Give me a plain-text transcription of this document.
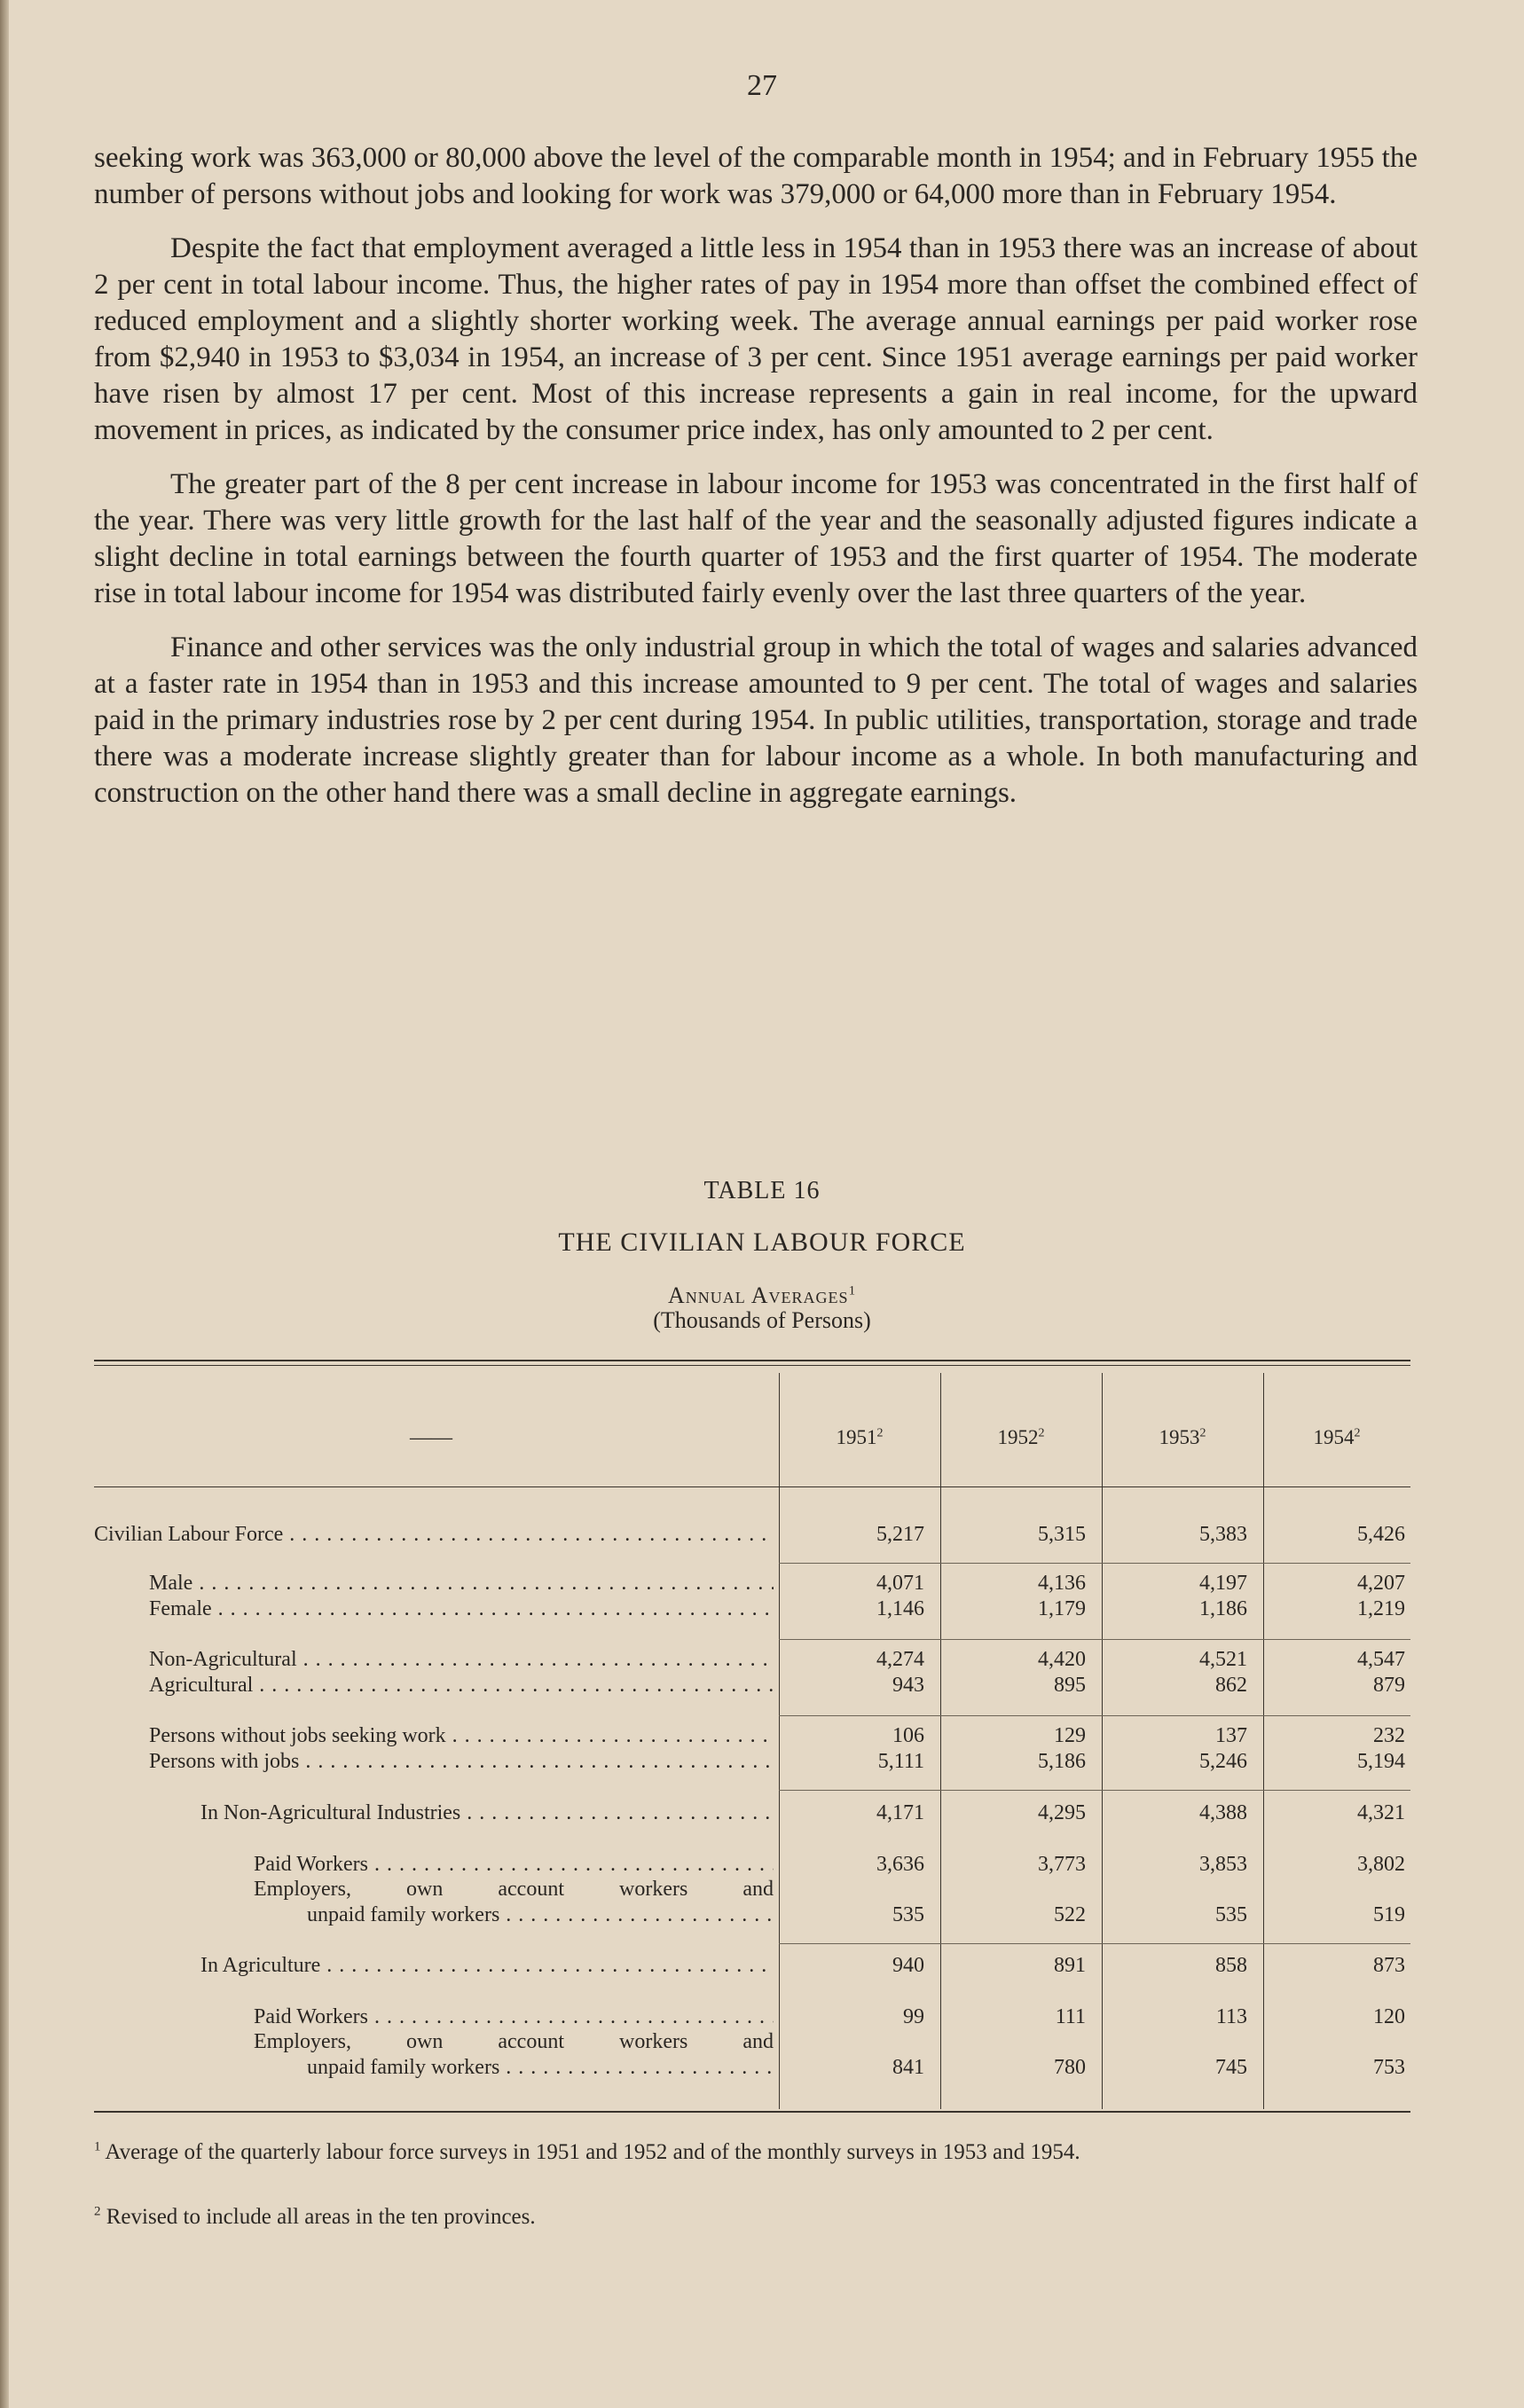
27

seeking work was 363,000 or 80,000 above the level of the comparable month in 1954; and in February 1955 the number of persons without jobs and looking for work was 379,000 or 64,000 more than in February 1954.

Despite the fact that employment averaged a little less in 1954 than in 1953 there was an increase of about 2 per cent in total labour income. Thus, the higher rates of pay in 1954 more than offset the combined effect of reduced employment and a slightly shorter working week. The average annual earnings per paid worker rose from $2,940 in 1953 to $3,034 in 1954, an increase of 3 per cent. Since 1951 average earnings per paid worker have risen by almost 17 per cent. Most of this increase represents a gain in real income, for the upward movement in prices, as indicated by the consumer price index, has only amounted to 2 per cent.

The greater part of the 8 per cent increase in labour income for 1953 was concentrated in the first half of the year. There was very little growth for the last half of the year and the seasonally adjusted figures indicate a slight decline in total earnings between the fourth quarter of 1953 and the first quarter of 1954. The moderate rise in total labour income for 1954 was distributed fairly evenly over the last three quarters of the year.

Finance and other services was the only industrial group in which the total of wages and salaries advanced at a faster rate in 1954 than in 1953 and this increase amounted to 9 per cent. The total of wages and salaries paid in the primary industries rose by 2 per cent during 1954. In public utilities, transportation, storage and trade there was a moderate increase slightly greater than for labour income as a whole. In both manufacturing and construction on the other hand there was a small decline in aggregate earnings.

TABLE 16
THE CIVILIAN LABOUR FORCE
Annual Averages$^1$
(Thousands of Persons)
——	1951$^2$	1952$^2$	1953$^2$	1954$^2$
Civilian Labour Force . . .	5,217	5,315	5,383	5,426
Male . . .	4,071	4,136	4,197	4,207
Female . . .	1,146	1,179	1,186	1,219
Non-Agricultural . . .	4,274	4,420	4,521	4,547
Agricultural . . .	943	895	862	879
Persons without jobs seeking work . . .	106	129	137	232
Persons with jobs . . .	5,111	5,186	5,246	5,194
In Non-Agricultural Industries . . .	4,171	4,295	4,388	4,321
Paid Workers . . .	3,636	3,773	3,853	3,802
Employers, own account workers and
unpaid family workers . . .	535	522	535	519
In Agriculture . . .	940	891	858	873
Paid Workers . . .	99	111	113	120
Employers, own account workers and
unpaid family workers . . .	841	780	745	753
$^1$ Average of the quarterly labour force surveys in 1951 and 1952 and of the monthly surveys in 1953 and 1954.
$^2$ Revised to include all areas in the ten provinces.
